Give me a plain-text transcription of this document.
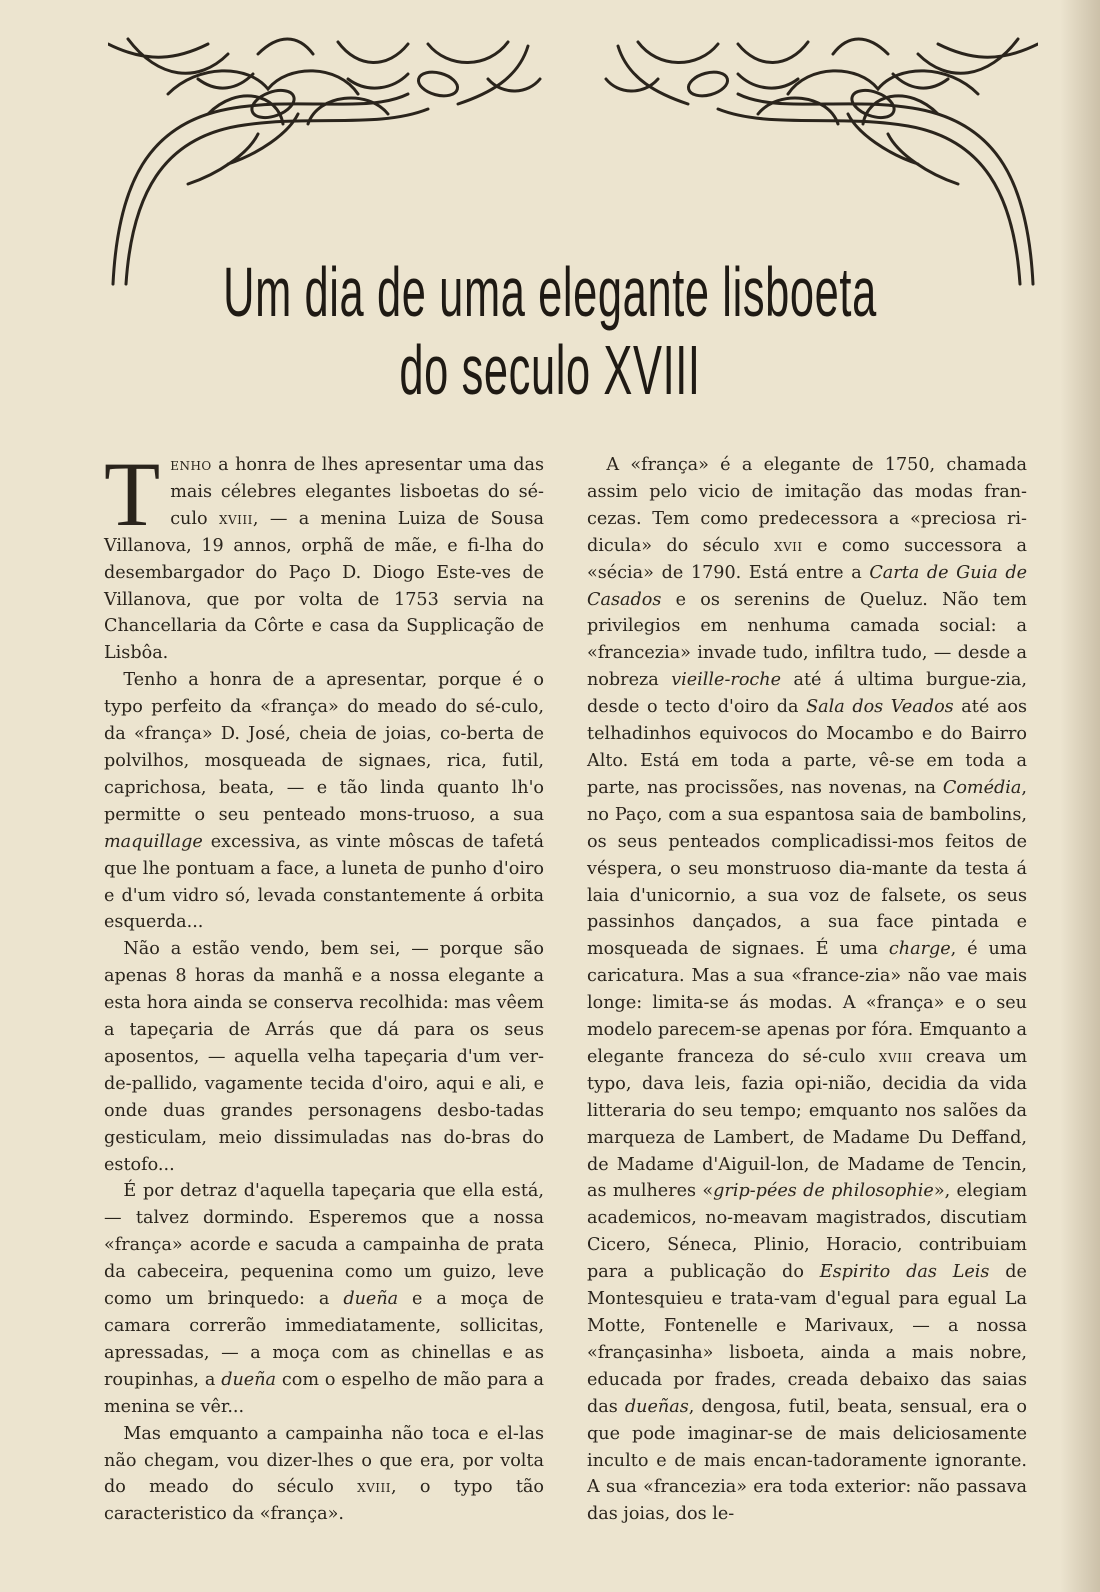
Um dia de uma elegante lisboeta
do seculo XVIII
T enho a honra de lhes apresentar uma das mais célebres elegantes lisboetas do sé-culo xviii, — a menina Luiza de Sousa Villanova, 19 annos, orphã de mãe, e fi-lha do desembargador do Paço D. Diogo Este-ves de Villanova, que por volta de 1753 servia na Chancellaria da Côrte e casa da Supplicação de Lisbôa.

Tenho a honra de a apresentar, porque é o typo perfeito da «françа» do meado do sé-culo, da «frança» D. José, cheia de joias, co-berta de polvilhos, mosqueada de signaes, rica, futil, caprichosa, beata, — e tão linda quanto lh'o permitte o seu penteado mons-truoso, a sua maquillage excessiva, as vinte môscas de tafetá que lhe pontuam a face, a luneta de punho d'oiro e d'um vidro só, levada constantemente á orbita esquerda...

Não a estão vendo, bem sei, — porque são apenas 8 horas da manhã e a nossa elegante a esta hora ainda se conserva recolhida: mas vêem a tapeçaria de Arrás que dá para os seus aposentos, — aquella velha tapeçaria d'um ver-de-pallido, vagamente tecida d'oiro, aqui e ali, e onde duas grandes personagens desbo-tadas gesticulam, meio dissimuladas nas do-bras do estofo...

É por detraz d'aquella tapeçaria que ella está, — talvez dormindo. Esperemos que a nossa «frança» acorde e sacuda a campainha de prata da cabeceira, pequenina como um guizo, leve como um brinquedo: a dueña e a moça de camara correrão immediatamente, sollicitas, apressadas, — a moça com as chinellas e as roupinhas, a dueña com o espelho de mão para a menina se vêr...

Mas emquanto a campainha não toca e el-las não chegam, vou dizer-lhes o que era, por volta do meado do século xviii, o typo tão caracteristico da «frança».

A «frança» é a elegante de 1750, chamada assim pelo vicio de imitação das modas fran-cezas. Tem como predecessora a «preciosa ri-dicula» do século xvii e como successora a «sécia» de 1790. Está entre a Carta de Guia de Casados e os serenins de Queluz. Não tem privilegios em nenhuma camada social: a «francezia» invade tudo, infiltra tudo, — desde a nobreza vieille-roche até á ultima burgue-zia, desde o tecto d'oiro da Sala dos Veados até aos telhadinhos equivocos do Mocambo e do Bairro Alto. Está em toda a parte, vê-se em toda a parte, nas procissões, nas novenas, na Comédia, no Paço, com a sua espantosa saia de bambolins, os seus penteados complicadissi-mos feitos de véspera, o seu monstruoso dia-mante da testa á laia d'unicornio, a sua voz de falsete, os seus passinhos dançados, a sua face pintada e mosqueada de signaes. É uma charge, é uma caricatura. Mas a sua «france-zia» não vae mais longe: limita-se ás modas. A «frança» e o seu modelo parecem-se apenas por fóra. Emquanto a elegante franceza do sé-culo xviii creava um typo, dava leis, fazia opi-nião, decidia da vida litteraria do seu tempo; emquanto nos salões da marqueza de Lambert, de Madame Du Deffand, de Madame d'Aiguil-lon, de Madame de Tencin, as mulheres «grip-pées de philosophie», elegiam academicos, no-meavam magistrados, discutiam Cicero, Séneca, Plinio, Horacio, contribuiam para a publicação do Espirito das Leis de Montesquieu e trata-vam d'egual para egual La Motte, Fontenelle e Marivaux, — a nossa «françasinha» lisboeta, ainda a mais nobre, educada por frades, creada debaixo das saias das dueñas, dengosa, futil, beata, sensual, era o que pode imaginar-se de mais deliciosamente inculto e de mais encan-tadoramente ignorante. A sua «francezia» era toda exterior: não passava das joias, dos le-
